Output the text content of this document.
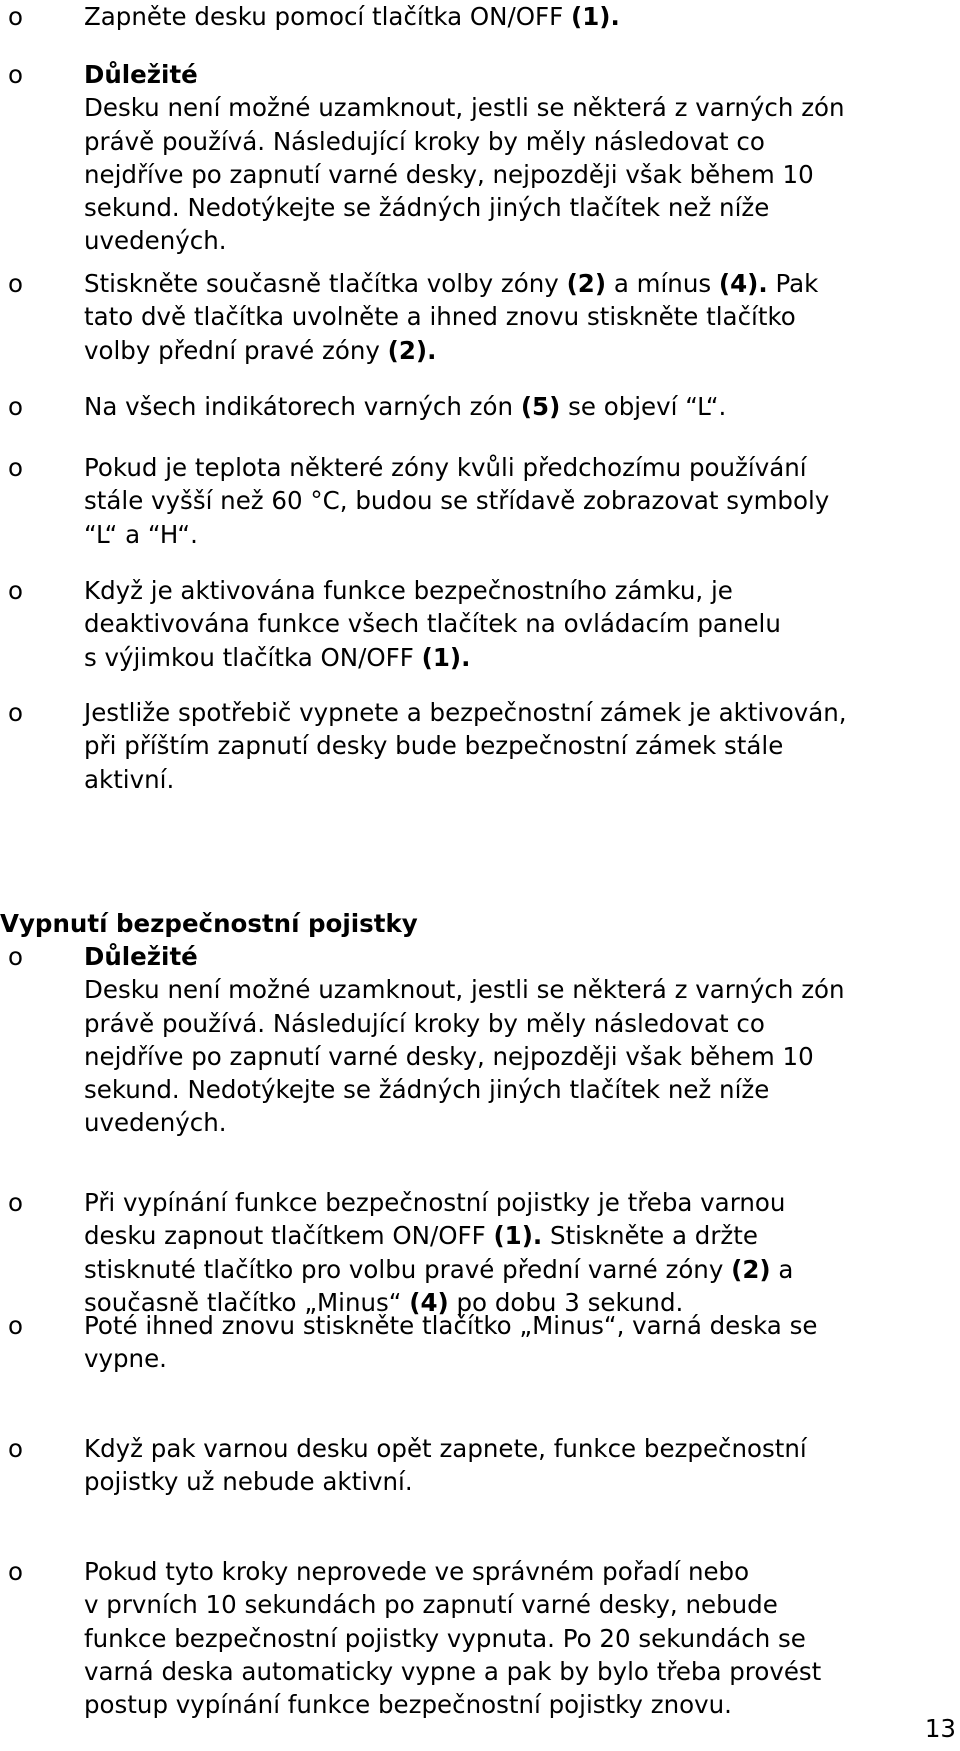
o Zapněte desku pomocí tlačítka ON/OFF (1).
o Důležité
Desku není možné uzamknout, jestli se některá z varných zón
právě používá. Následující kroky by měly následovat co
nejdříve po zapnutí varné desky, nejpozději však během 10
sekund. Nedotýkejte se žádných jiných tlačítek než níže
uvedených.
o Stiskněte současně tlačítka volby zóny (2) a mínus (4). Pak
tato dvě tlačítka uvolněte a ihned znovu stiskněte tlačítko
volby přední pravé zóny (2).
o Na všech indikátorech varných zón (5) se objeví “L“.
o Pokud je teplota některé zóny kvůli předchozímu používání
stále vyšší než 60 °C, budou se střídavě zobrazovat symboly
“L“ a “H“.
o Když je aktivována funkce bezpečnostního zámku, je
deaktivována funkce všech tlačítek na ovládacím panelu
s výjimkou tlačítka ON/OFF (1).
o Jestliže spotřebič vypnete a bezpečnostní zámek je aktivován,
při příštím zapnutí desky bude bezpečnostní zámek stále
aktivní.
Vypnutí bezpečnostní pojistky
o Důležité
Desku není možné uzamknout, jestli se některá z varných zón
právě používá. Následující kroky by měly následovat co
nejdříve po zapnutí varné desky, nejpozději však během 10
sekund. Nedotýkejte se žádných jiných tlačítek než níže
uvedených.
o Při vypínání funkce bezpečnostní pojistky je třeba varnou
desku zapnout tlačítkem ON/OFF (1). Stiskněte a držte
stisknuté tlačítko pro volbu pravé přední varné zóny (2) a
současně tlačítko „Minus“ (4) po dobu 3 sekund.
o Poté ihned znovu stiskněte tlačítko „Minus“, varná deska se
vypne.
o Když pak varnou desku opět zapnete, funkce bezpečnostní
pojistky už nebude aktivní.
o Pokud tyto kroky neprovede ve správném pořadí nebo
v prvních 10 sekundách po zapnutí varné desky, nebude
funkce bezpečnostní pojistky vypnuta. Po 20 sekundách se
varná deska automaticky vypne a pak by bylo třeba provést
postup vypínání funkce bezpečnostní pojistky znovu.
13
